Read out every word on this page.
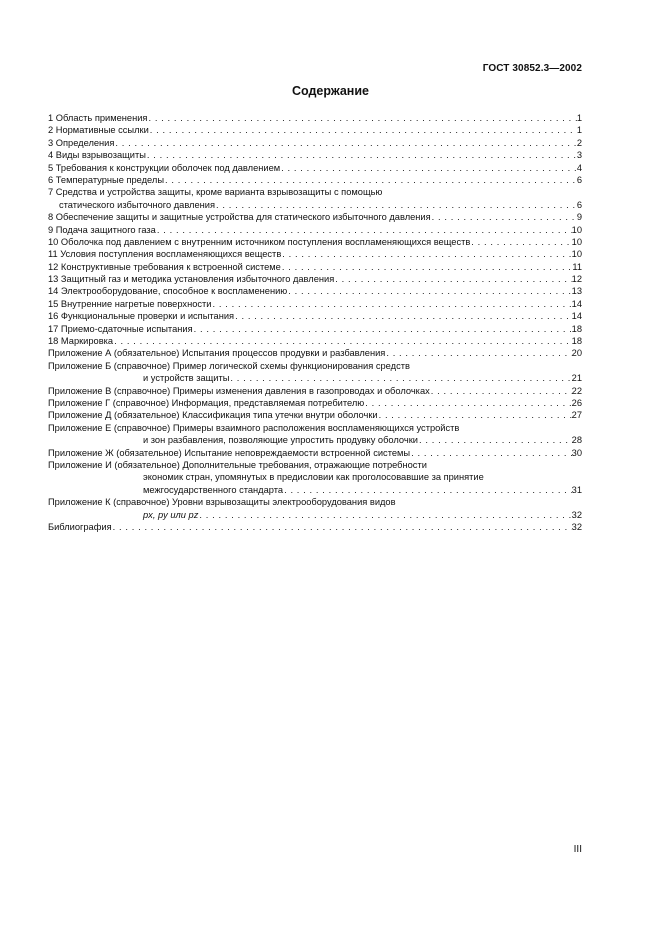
ГОСТ 30852.3—2002
Содержание
1 Область применения . . .	1
2 Нормативные ссылки . . .	1
3 Определения . . .	2
4 Виды взрывозащиты . . .	3
5 Требования к конструкции оболочек под давлением . . .	4
6 Температурные пределы . . .	6
7 Средства и устройства защиты, кроме варианта взрывозащиты с помощью
статического избыточного давления . . .	6
8 Обеспечение защиты и защитные устройства для статического избыточного давления . . .	9
9 Подача защитного газа . . .	10
10 Оболочка под давлением с внутренним источником поступления воспламеняющихся веществ . . .	10
11 Условия поступления воспламеняющихся веществ . . .	10
12 Конструктивные требования к встроенной системе . . .	11
13 Защитный газ и методика установления избыточного давления . . .	12
14 Электрооборудование, способное к воспламенению . . .	13
15 Внутренние нагретые поверхности . . .	14
16 Функциональные проверки и испытания . . .	14
17 Приемо-сдаточные испытания . . .	18
18 Маркировка . . .	18
Приложение А (обязательное) Испытания процессов продувки и разбавления . . .	20
Приложение Б (справочное) Пример логической схемы функционирования средств
и устройств защиты . . .	21
Приложение В (справочное) Примеры изменения давления в газопроводах и оболочках . . .	22
Приложение Г (справочное) Информация, представляемая потребителю . . .	26
Приложение Д (обязательное) Классификация типа утечки внутри оболочки . . .	27
Приложение Е (справочное) Примеры взаимного расположения воспламеняющихся устройств
и зон разбавления, позволяющие упростить продувку оболочки . . .	28
Приложение Ж (обязательное) Испытание неповреждаемости встроенной системы . . .	30
Приложение И (обязательное) Дополнительные требования, отражающие потребности
экономик стран, упомянутых в предисловии как проголосовавшие за принятие
межгосударственного стандарта . . .	31
Приложение К (справочное) Уровни взрывозащиты электрооборудования видов
px, py или pz . . .	32
Библиография . . .	32
III
